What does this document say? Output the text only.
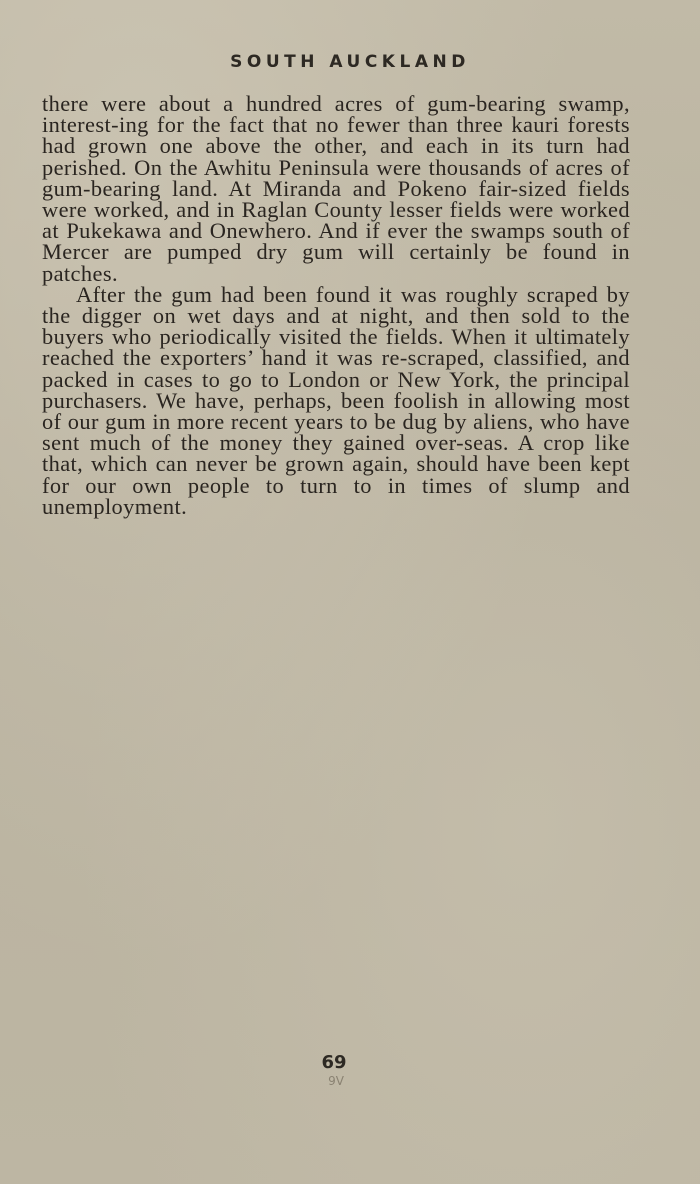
SOUTH AUCKLAND

there were about a hundred acres of gum-bearing swamp, interest-ing for the fact that no fewer than three kauri forests had grown one above the other, and each in its turn had perished. On the Awhitu Peninsula were thousands of acres of gum-bearing land. At Miranda and Pokeno fair-sized fields were worked, and in Raglan County lesser fields were worked at Pukekawa and Onewhero. And if ever the swamps south of Mercer are pumped dry gum will certainly be found in patches.

After the gum had been found it was roughly scraped by the digger on wet days and at night, and then sold to the buyers who periodically visited the fields. When it ultimately reached the exporters’ hand it was re-scraped, classified, and packed in cases to go to London or New York, the principal purchasers. We have, perhaps, been foolish in allowing most of our gum in more recent years to be dug by aliens, who have sent much of the money they gained over-seas. A crop like that, which can never be grown again, should have been kept for our own people to turn to in times of slump and unemployment.

69
9V
